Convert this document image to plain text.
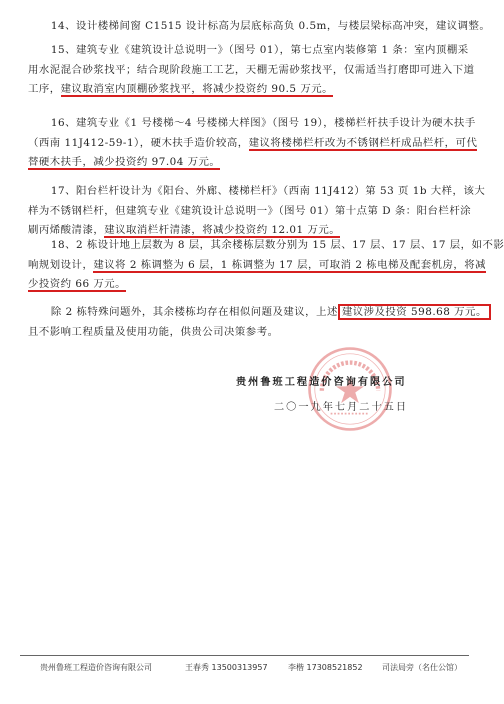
14、设计楼梯间窗 C1515 设计标高为层底标高负 0.5m，与楼层梁标高冲突，建议调整。
15、建筑专业《建筑设计总说明一》（图号 01），第七点室内装修第 1 条：室内顶棚采
用水泥混合砂浆找平；结合现阶段施工工艺，天棚无需砂浆找平，仅需适当打磨即可进入下道
工序，建议取消室内顶棚砂浆找平，将减少投资约 90.5 万元。
16、建筑专业《1 号楼梯～4 号楼梯大样图》（图号 19），楼梯栏杆扶手设计为硬木扶手
（西南 11J412-59-1），硬木扶手造价较高，建议将楼梯栏杆改为不锈钢栏杆成品栏杆，可代
替硬木扶手，减少投资约 97.04 万元。
17、阳台栏杆设计为《阳台、外廊、楼梯栏杆》（西南 11J412）第 53 页 1b 大样，该大
样为不锈钢栏杆，但建筑专业《建筑设计总说明一》（图号 01）第十点第 D 条：阳台栏杆涂
刷丙烯酸清漆，建议取消栏杆清漆，将减少投资约 12.01 万元。
18、2 栋设计地上层数为 8 层，其余楼栋层数分别为 15 层、17 层、17 层、17 层，如不影
响规划设计，建议将 2 栋调整为 6 层，1 栋调整为 17 层，可取消 2 栋电梯及配套机房，将减
少投资约 66 万元。
除 2 栋特殊问题外，其余楼栋均存在相似问题及建议，上述 建议涉及投资 598.68 万元。
且不影响工程质量及使用功能，供贵公司决策参考。
贵州鲁班工程造价咨询有限公司
二〇一九年七月二十五日
贵州鲁班工程造价咨询有限公司	王春秀 13500313957	李楷 17308521852 司法局旁（名仕公馆）
